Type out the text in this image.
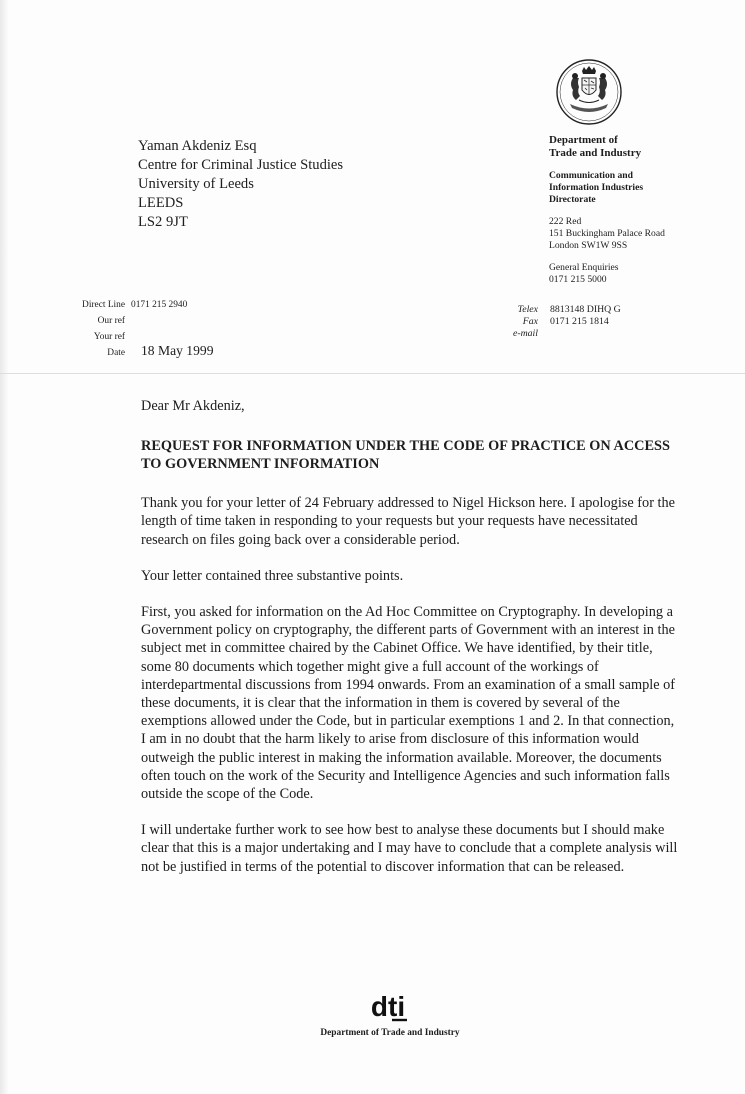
Yaman Akdeniz Esq
Centre for Criminal Justice Studies
University of Leeds
LEEDS
LS2 9JT
Department of
Trade and Industry
Communication and
Information Industries
Directorate
222 Red
151 Buckingham Palace Road
London SW1W 9SS
General Enquiries
0171 215 5000
Direct Line 0171 215 2940
Our ref
Your ref
Date 18 May 1999
Telex 8813148 DIHQ G
Fax 0171 215 1814
e-mail

Dear Mr Akdeniz,

REQUEST FOR INFORMATION UNDER THE CODE OF PRACTICE ON ACCESS TO GOVERNMENT INFORMATION

Thank you for your letter of 24 February addressed to Nigel Hickson here. I apologise for the length of time taken in responding to your requests but your requests have necessitated research on files going back over a considerable period.

Your letter contained three substantive points.

First, you asked for information on the Ad Hoc Committee on Cryptography. In developing a Government policy on cryptography, the different parts of Government with an interest in the subject met in committee chaired by the Cabinet Office. We have identified, by their title, some 80 documents which together might give a full account of the workings of interdepartmental discussions from 1994 onwards. From an examination of a small sample of these documents, it is clear that the information in them is covered by several of the exemptions allowed under the Code, but in particular exemptions 1 and 2. In that connection, I am in no doubt that the harm likely to arise from disclosure of this information would outweigh the public interest in making the information available. Moreover, the documents often touch on the work of the Security and Intelligence Agencies and such information falls outside the scope of the Code.

I will undertake further work to see how best to analyse these documents but I should make clear that this is a major undertaking and I may have to conclude that a complete analysis will not be justified in terms of the potential to discover information that can be released.

dti
Department of Trade and Industry
